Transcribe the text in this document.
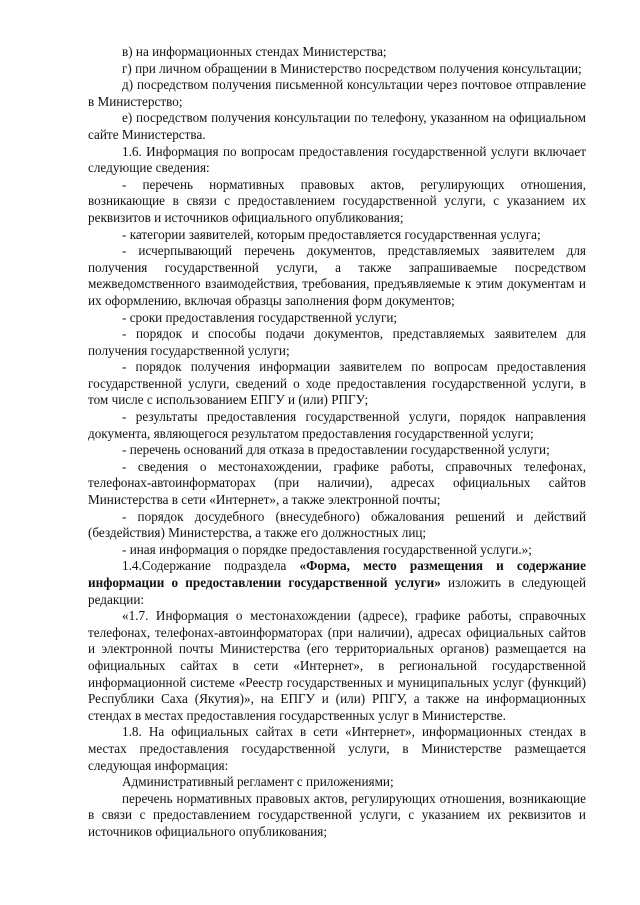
в) на информационных стендах Министерства;

г) при личном обращении в Министерство посредством получения консультации;

д) посредством получения письменной консультации через почтовое отправление в Министерство;

е) посредством получения консультации по телефону, указанном на официальном сайте Министерства.

1.6. Информация по вопросам предоставления государственной услуги включает следующие сведения:

- перечень нормативных правовых актов, регулирующих отношения, возникающие в связи с предоставлением государственной услуги, с указанием их реквизитов и источников официального опубликования;

- категории заявителей, которым предоставляется государственная услуга;

- исчерпывающий перечень документов, представляемых заявителем для получения государственной услуги, а также запрашиваемые посредством межведомственного взаимодействия, требования, предъявляемые к этим документам и их оформлению, включая образцы заполнения форм документов;

- сроки предоставления государственной услуги;

- порядок и способы подачи документов, представляемых заявителем для получения государственной услуги;

- порядок получения информации заявителем по вопросам предоставления государственной услуги, сведений о ходе предоставления государственной услуги, в том числе с использованием ЕПГУ и (или) РПГУ;

- результаты предоставления государственной услуги, порядок направления документа, являющегося результатом предоставления государственной услуги;

- перечень оснований для отказа в предоставлении государственной услуги;

- сведения о местонахождении, графике работы, справочных телефонах, телефонах-автоинформаторах (при наличии), адресах официальных сайтов Министерства в сети «Интернет», а также электронной почты;

- порядок досудебного (внесудебного) обжалования решений и действий (бездействия) Министерства, а также его должностных лиц;

- иная информация о порядке предоставления государственной услуги.»;

1.4.Содержание подраздела «Форма, место размещения и содержание информации о предоставлении государственной услуги» изложить в следующей редакции:

«1.7. Информация о местонахождении (адресе), графике работы, справочных телефонах, телефонах-автоинформаторах (при наличии), адресах официальных сайтов и электронной почты Министерства (его территориальных органов) размещается на официальных сайтах в сети «Интернет», в региональной государственной информационной системе «Реестр государственных и муниципальных услуг (функций) Республики Саха (Якутия)», на ЕПГУ и (или) РПГУ, а также на информационных стендах в местах предоставления государственных услуг в Министерстве.

1.8. На официальных сайтах в сети «Интернет», информационных стендах в местах предоставления государственной услуги, в Министерстве размещается следующая информация:

Административный регламент с приложениями;

перечень нормативных правовых актов, регулирующих отношения, возникающие в связи с предоставлением государственной услуги, с указанием их реквизитов и источников официального опубликования;
